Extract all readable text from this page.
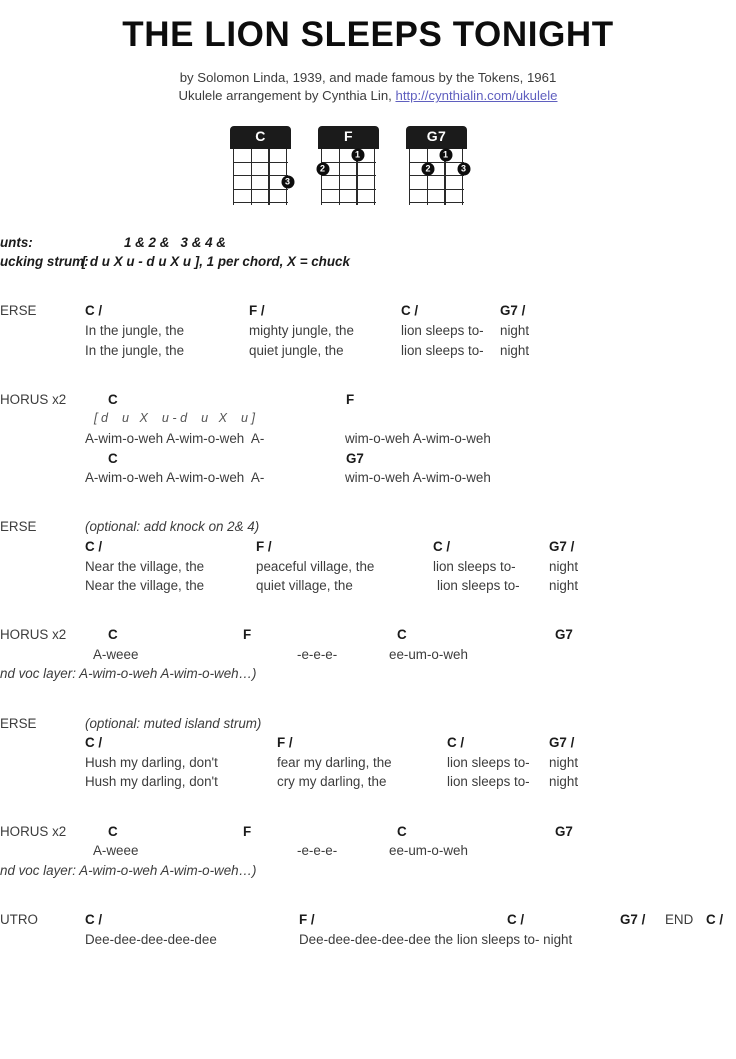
THE LION SLEEPS TONIGHT
by Solomon Linda, 1939, and made famous by the Tokens, 1961
Ukulele arrangement by Cynthia Lin, http://cynthialin.com/ukulele
C
3
F
1
2
G7
1
2	3
unts:	1 & 2 &   3 & 4 &
ucking strum:
[ d u X u - d u X u ], 1 per chord, X = chuck
ERSE	C /	F /	C /	G7 /
In the jungle, the	mighty jungle, the	lion sleeps to- night
In the jungle, the	quiet jungle, the	lion sleeps to- night
HORUS x2	C	F
[ d    u   X    u - d    u   X    u ]
A-wim-o-weh A-wim-o-weh  A-	wim-o-weh A-wim-o-weh
C	G7
A-wim-o-weh A-wim-o-weh  A-	wim-o-weh A-wim-o-weh
ERSE	(optional: add knock on 2& 4)
C /	F /	C /	G7 /
Near the village, the	peaceful village, the	lion sleeps to- night
Near the village, the	quiet village, the	lion sleeps to- night
HORUS x2	C	F	C	G7
A-weee	-e-e-e-	ee-um-o-weh
nd voc layer: A-wim-o-weh A-wim-o-weh…)
ERSE	(optional: muted island strum)
C /	F /	C /	G7 /
Hush my darling, don't	fear my darling, the	lion sleeps to- night
Hush my darling, don't	cry my darling, the	lion sleeps to- night
HORUS x2	C	F	C	G7
A-weee	-e-e-e-	ee-um-o-weh
nd voc layer: A-wim-o-weh A-wim-o-weh…)
UTRO	C /	F /	C /	G7 / END C /
Dee-dee-dee-dee-dee	Dee-dee-dee-dee-dee the lion sleeps to- night
